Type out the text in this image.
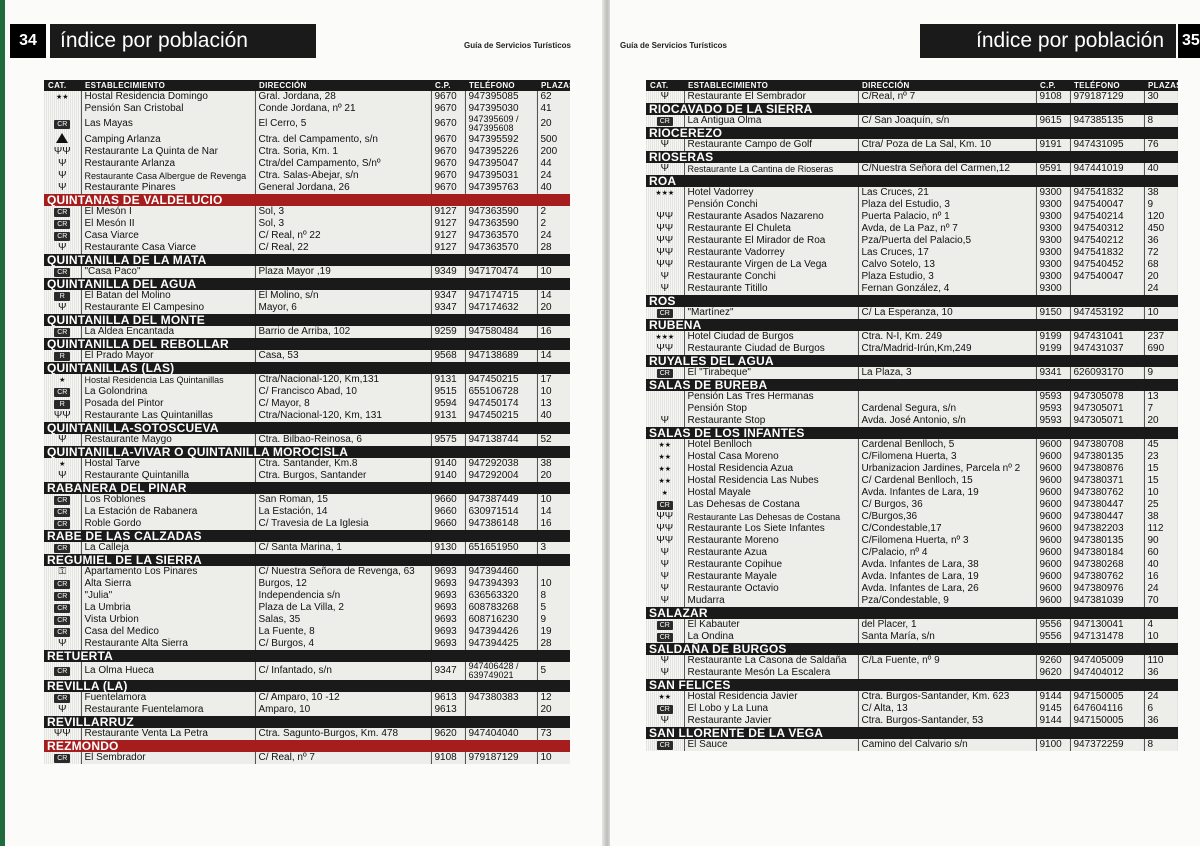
34	índice por población	Guía de Servicios Turísticos
CAT.	ESTABLECIMIENTO	DIRECCIÓN	C.P.	TELÉFONO	PLAZAS
★★	Hostal Residencia Domingo	Gral. Jordana, 28	9670	947395085	62
	Pensión San Cristobal	Conde Jordana, nº 21	9670	947395030	41
CR	Las Mayas	El Cerro, 5	9670	947395609 / 947395608	20
	Camping Arlanza	Ctra. del Campamento, s/n	9670	947395592	500
ΨΨ	Restaurante La Quinta de Nar	Ctra. Soria, Km. 1	9670	947395226	200
Ψ	Restaurante Arlanza	Ctra/del Campamento, S/nº	9670	947395047	44
Ψ	Restaurante Casa Albergue de Revenga	Ctra. Salas-Abejar, s/n	9670	947395031	24
Ψ	Restaurante Pinares	General Jordana, 26	9670	947395763	40
QUINTANAS DE VALDELUCIO					
CR	El Mesón I	Sol, 3	9127	947363590	2
CR	El Mesón II	Sol, 3	9127	947363590	2
CR	Casa Viarce	C/ Real, nº 22	9127	947363570	24
Ψ	Restaurante Casa Viarce	C/ Real, 22	9127	947363570	28
QUINTANILLA DE LA MATA					
CR	"Casa Paco"	Plaza Mayor ,19	9349	947170474	10
QUINTANILLA DEL AGUA					
R	El Batan del Molino	El Molino, s/n	9347	947174715	14
Ψ	Restaurante El Campesino	Mayor, 6	9347	947174632	20
QUINTANILLA DEL MONTE					
CR	La Aldea Encantada	Barrio de Arriba, 102	9259	947580484	16
QUINTANILLA DEL REBOLLAR					
R	El Prado Mayor	Casa, 53	9568	947138689	14
QUINTANILLAS (LAS)					
★	Hostal Residencia Las Quintanillas	Ctra/Nacional-120, Km,131	9131	947450215	17
CR	La Golondrina	C/ Francisco Abad, 10	9515	655106728	10
R	Posada del Pintor	C/ Mayor, 8	9594	947450174	13
ΨΨ	Restaurante Las Quintanillas	Ctra/Nacional-120, Km, 131	9131	947450215	40
QUINTANILLA-SOTOSCUEVA					
Ψ	Restaurante Maygo	Ctra. Bilbao-Reinosa, 6	9575	947138744	52
QUINTANILLA-VIVAR O QUINTANILLA MOROCISLA					
★	Hostal Tarve	Ctra. Santander, Km.8	9140	947292038	38
Ψ	Restaurante Quintanilla	Ctra. Burgos, Santander	9140	947292004	20
RABANERA DEL PINAR					
CR	Los Roblones	San Roman, 15	9660	947387449	10
CR	La Estación de Rabanera	La Estación, 14	9660	630971514	14
CR	Roble Gordo	C/ Travesia de La Iglesia	9660	947386148	16
RABE DE LAS CALZADAS					
CR	La Calleja	C/ Santa Marina, 1	9130	651651950	3
REGUMIEL DE LA SIERRA					
⚿	Apartamento Los Pinares	C/ Nuestra Señora de Revenga, 63	9693	947394460	
CR	Alta Sierra	Burgos, 12	9693	947394393	10
CR	"Julia"	Independencia s/n	9693	636563320	8
CR	La Umbria	Plaza de La Villa, 2	9693	608783268	5
CR	Vista Urbion	Salas, 35	9693	608716230	9
CR	Casa del Medico	La Fuente, 8	9693	947394426	19
Ψ	Restaurante Alta Sierra	C/ Burgos, 4	9693	947394425	28
RETUERTA					
CR	La Olma Hueca	C/ Infantado, s/n	9347	947406428 / 639749021	5
REVILLA (LA)					
CR	Fuentelamora	C/ Amparo, 10 -12	9613	947380383	12
Ψ	Restaurante Fuentelamora	Amparo, 10	9613		20
REVILLARRUZ					
ΨΨ	Restaurante Venta La Petra	Ctra. Saguntо-Burgos, Km. 478	9620	947404040	73
REZMONDO					
CR	El Sembrador	C/ Real, nº 7	9108	979187129	10
Guía de Servicios Turísticos	índice por población	35
CAT.	ESTABLECIMIENTO	DIRECCIÓN	C.P.	TELÉFONO	PLAZAS
Ψ	Restaurante El Sembrador	C/Real, nº 7	9108	979187129	30
RIOCAVADO DE LA SIERRA					
CR	La Antigua Olma	C/ San Joaquín, s/n	9615	947385135	8
RIOCEREZO					
Ψ	Restaurante Campo de Golf	Ctra/ Poza de La Sal, Km. 10	9191	947431095	76
RIOSERAS					
Ψ	Restaurante La Cantina de Rioseras	C/Nuestra Señora del Carmen,12	9591	947441019	40
ROA					
★★★	Hotel Vadorrey	Las Cruces, 21	9300	947541832	38
	Pensión Conchi	Plaza del Estudio, 3	9300	947540047	9
ΨΨ	Restaurante Asados Nazareno	Puerta Palacio, nº 1	9300	947540214	120
ΨΨ	Restaurante El Chuleta	Avda, de La Paz, nº 7	9300	947540312	450
ΨΨ	Restaurante El Mirador de Roa	Pza/Puerta del Palacio,5	9300	947540212	36
ΨΨ	Restaurante Vadorrey	Las Cruces, 17	9300	947541832	72
ΨΨ	Restaurante Virgen de La Vega	Calvo Sotelo, 13	9300	947540452	68
Ψ	Restaurante Conchi	Plaza Estudio, 3	9300	947540047	20
Ψ	Restaurante Titillo	Fernan González, 4	9300		24
ROS					
CR	"Martínez"	C/ La Esperanza, 10	9150	947453192	10
RUBENA					
★★★	Hotel Ciudad de Burgos	Ctra. N-I, Km. 249	9199	947431041	237
ΨΨ	Restaurante Ciudad de Burgos	Ctra/Madrid-Irún,Km,249	9199	947431037	690
RUYALES DEL AGUA					
CR	El "Tirabeque"	La Plaza, 3	9341	626093170	9
SALAS DE BUREBA					
	Pensión Las Tres Hermanas		9593	947305078	13
	Pensión Stop	Cardenal Segura, s/n	9593	947305071	7
Ψ	Restaurante Stop	Avda. José Antonio, s/n	9593	947305071	20
SALAS DE LOS INFANTES					
★★	Hotel Benlloch	Cardenal Benlloch, 5	9600	947380708	45
★★	Hostal Casa Moreno	C/Filomena Huerta, 3	9600	947380135	23
★★	Hostal Residencia Azua	Urbanizacion Jardines, Parcela nº 2	9600	947380876	15
★★	Hostal Residencia Las Nubes	C/ Cardenal Benlloch, 15	9600	947380371	15
★	Hostal Mayale	Avda. Infantes de Lara, 19	9600	947380762	10
CR	Las Dehesas de Costana	C/ Burgos, 36	9600	947380447	25
ΨΨ	Restaurante Las Dehesas de Costana	C/Burgos,36	9600	947380447	38
ΨΨ	Restaurante Los Siete Infantes	C/Condestable,17	9600	947382203	112
ΨΨ	Restaurante Moreno	C/Filomena Huerta, nº 3	9600	947380135	90
Ψ	Restaurante Azua	C/Palacio, nº 4	9600	947380184	60
Ψ	Restaurante Copihue	Avda. Infantes de Lara, 38	9600	947380268	40
Ψ	Restaurante Mayale	Avda. Infantes de Lara, 19	9600	947380762	16
Ψ	Restaurante Octavio	Avda. Infantes de Lara, 26	9600	947380976	24
Ψ	Mudarra	Pza/Condestable, 9	9600	947381039	70
SALAZAR					
CR	El Kabauter	del Placer, 1	9556	947130041	4
CR	La Ondina	Santa María, s/n	9556	947131478	10
SALDAÑA DE BURGOS					
Ψ	Restaurante La Casona de Saldaña	C/La Fuente, nº 9	9260	947405009	110
Ψ	Restaurante Mesón La Escalera		9620	947404012	36
SAN FELICES					
★★	Hostal Residencia Javier	Ctra. Burgos-Santander, Km. 623	9144	947150005	24
CR	El Lobo y La Luna	C/ Alta, 13	9145	647604116	6
Ψ	Restaurante Javier	Ctra. Burgos-Santander, 53	9144	947150005	36
SAN LLORENTE DE LA VEGA					
CR	El Sauce	Camino del Calvario s/n	9100	947372259	8
